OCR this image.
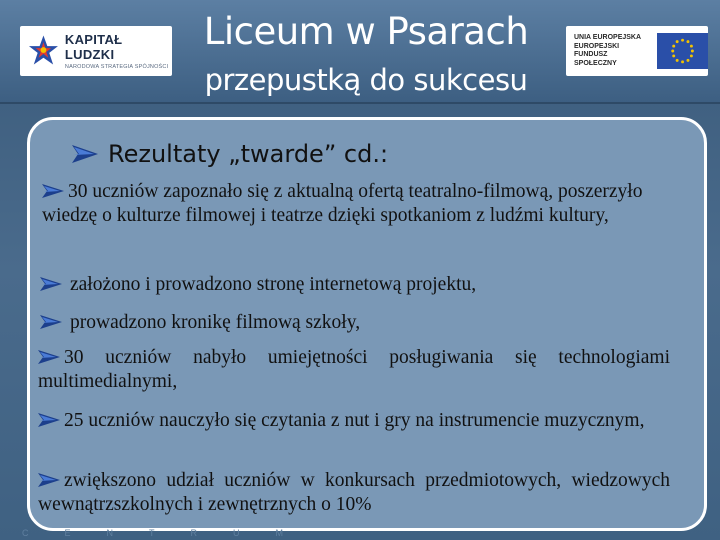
KAPITAŁ LUDZKI
NARODOWA STRATEGIA SPÓJNOŚCI
Liceum w Psarach
przepustką do sukcesu
UNIA EUROPEJSKA
EUROPEJSKI
FUNDUSZ SPOŁECZNY
Rezultaty „twarde” cd.:
30 uczniów zapoznało się z aktualną ofertą teatralno-filmową, poszerzyło wiedzę o kulturze filmowej i teatrze dzięki spotkaniom z ludźmi kultury,
założono i prowadzono stronę internetową projektu,
prowadzono kronikę filmową szkoły,
30 uczniów nabyło umiejętności posługiwania się technologiami multimedialnymi,
25 uczniów nauczyło się czytania z nut i gry na instrumencie muzycznym,
zwiększono udział uczniów w konkursach przedmiotowych, wiedzowych wewnątrzszkolnych i zewnętrznych o 10%
CENTRUM
